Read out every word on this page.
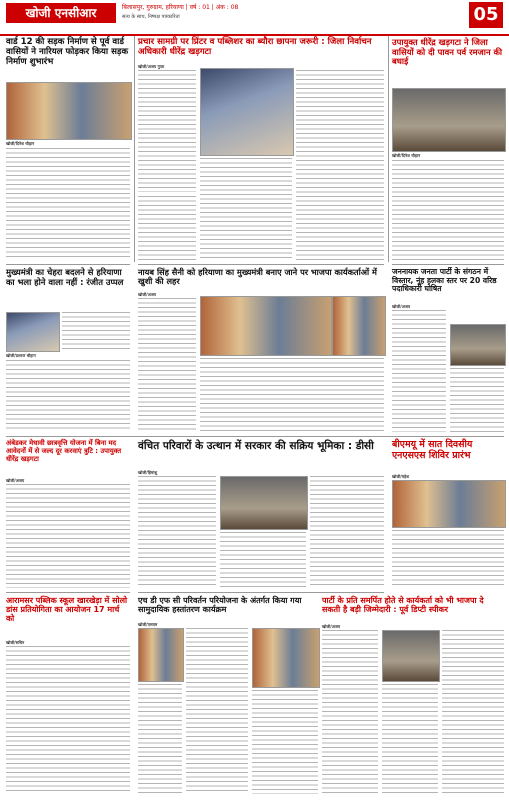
खोजी एनसीआर	बिलासपुर, गुरुग्राम, हरियाणा | वर्ष : 01 | अंक : 08
सत्य के साथ, निष्पक्ष पत्रकारिता	05
वार्ड 12 की सड़क निर्माण से पूर्व वार्ड वासियों ने नारियल फोड़कर किया सड़क निर्माण शुभारंभ
खोजी/दिनेश चौहान
प्रचार सामग्री पर प्रिंटर व पब्लिशर का ब्यौरा छापना जरूरी : जिला निर्वाचन अधिकारी धीरेंद्र खड़गटा
खोजी/अजय गुप्ता
उपायुक्त धीरेंद्र खड़गटा ने जिला वासियों को दी पावन पर्व रमजान की बधाई
खोजी/दिनेश चौहान
मुख्यमंत्री का चेहरा बदलने से हरियाणा का भला होने वाला नहीं : रंजीत उप्पल
खोजी/प्रशान्त चौहान
नायब सिंह सैनी को हरियाणा का मुख्यमंत्री बनाए जाने पर भाजपा कार्यकर्ताओं में खुशी की लहर
खोजी/अजय
जननायक जनता पार्टी के संगठन में विस्तार, नूंह हलका स्तर पर 20 वरिष्ठ पदाधिकारी घोषित
खोजी/अजय
वंचित परिवारों के उत्थान में सरकार की सक्रिय भूमिका : डीसी
खोजी/हिमांशु
बीएमयू में सात दिवसीय एनएसएस शिविर प्रारंभ
खोजी/महेश
अंबेडकर मेधावी छात्रवृत्ति योजना में बिना मद आवेदनों में से जल्द दूर करवाएं त्रुटि : उपायुक्त धीरेंद्र खड़गटा
खोजी/अजय
एच डी एफ सी परिवर्तन परियोजना के अंतर्गत किया गया सामुदायिक हस्तांतरण कार्यक्रम
खोजी/एसएम
पार्टी के प्रति समर्पित होते से कार्यकर्ता को भी भाजपा दे सकती है बड़ी जिम्मेदारी : पूर्व डिप्टी स्पीकर
खोजी/अजय
आरामसर पब्लिक स्कूल खारखेड़ा में सोलो डांस प्रतियोगिता का आयोजन 17 मार्च को
खोजी/सचिन
